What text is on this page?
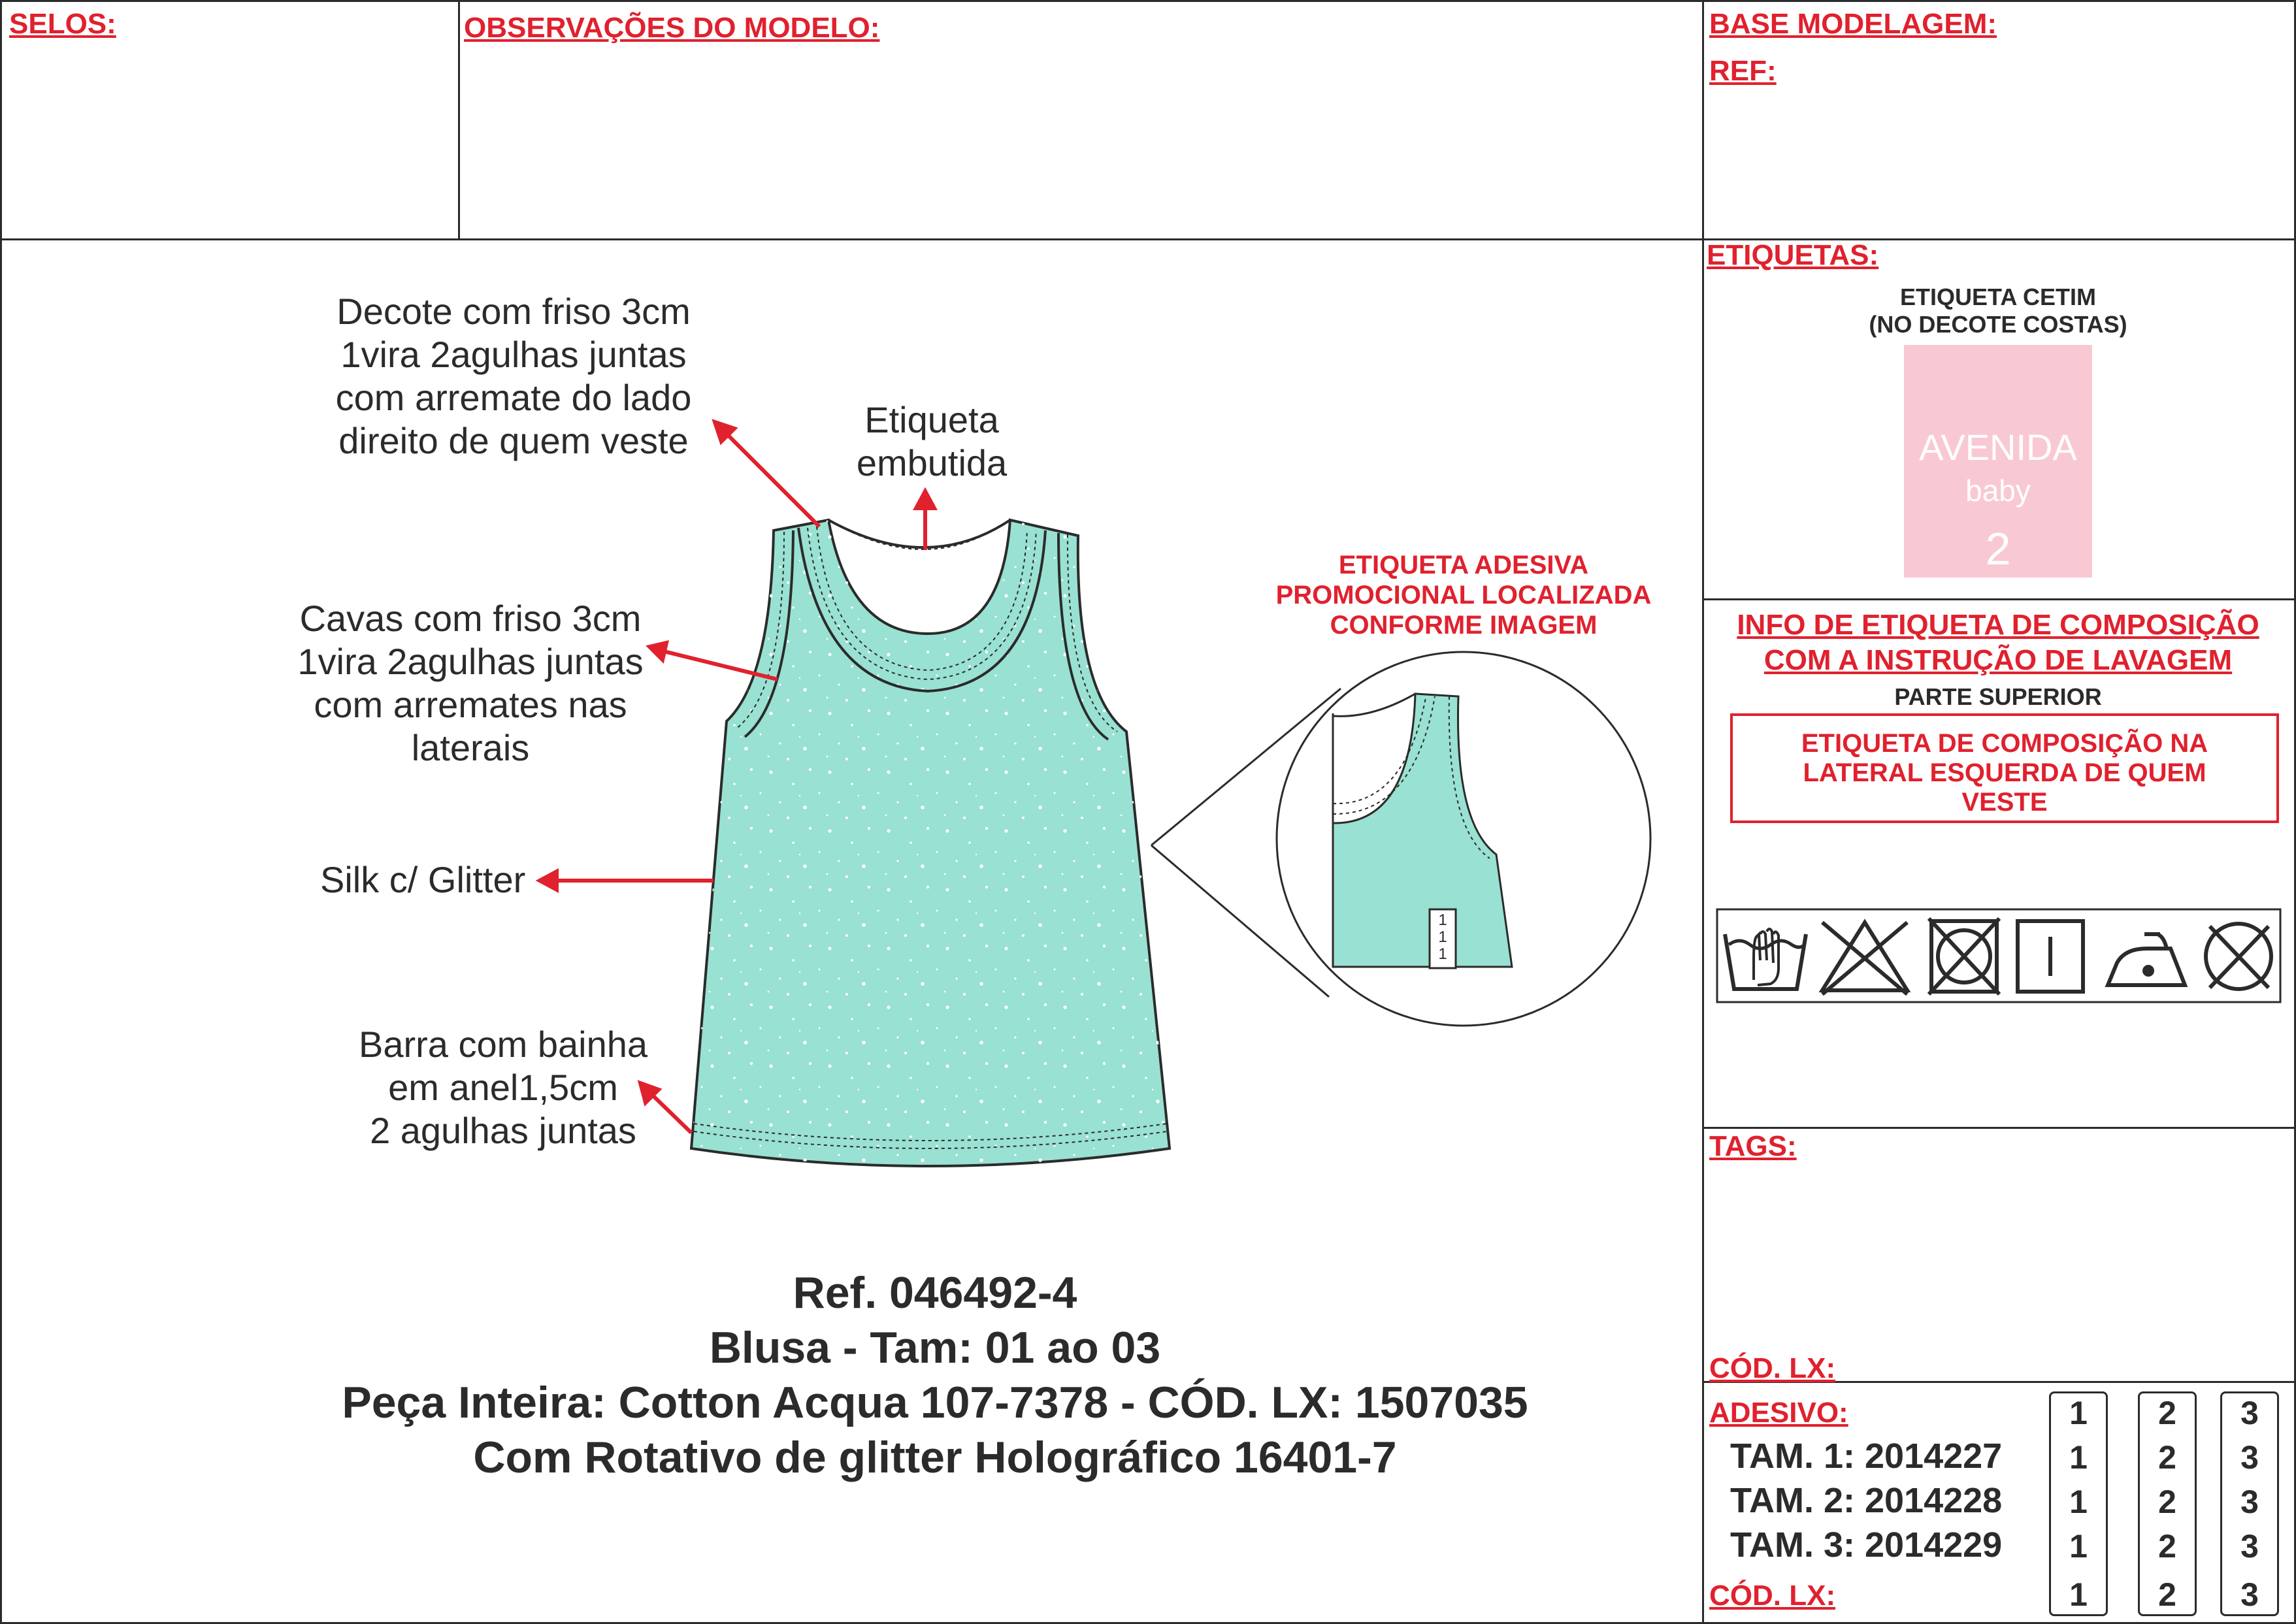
SELOS:	OBSERVAÇÕES DO MODELO:	BASE MODELAGEM:
REF:
ETIQUETAS:
TAGS:
CÓD. LX:
ADESIVO:
CÓD. LX:
ETIQUETA CETIM
(NO DECOTE COSTAS)
AVENIDA
baby
2
INFO DE ETIQUETA DE COMPOSIÇÃO
COM A INSTRUÇÃO DE LAVAGEM
PARTE SUPERIOR
ETIQUETA DE COMPOSIÇÃO NA
LATERAL ESQUERDA DE QUEM
VESTE
TAM. 1: 2014227
TAM. 2: 2014228
TAM. 3: 2014229
1
1
1
1
1
2
2
2
2
2
3
3
3
3
3
1
1
1
Decote com friso 3cm
1vira 2agulhas juntas
com arremate do lado
direito de quem veste
Etiqueta
embutida
Cavas com friso 3cm
1vira 2agulhas juntas
com arremates nas
laterais
Silk c/ Glitter
Barra com bainha
em anel1,5cm
2 agulhas juntas
ETIQUETA ADESIVA
PROMOCIONAL LOCALIZADA
CONFORME IMAGEM
Ref. 046492-4
Blusa - Tam: 01 ao 03
Peça Inteira: Cotton Acqua 107-7378 - CÓD. LX: 1507035
Com Rotativo de glitter Holográfico 16401-7
